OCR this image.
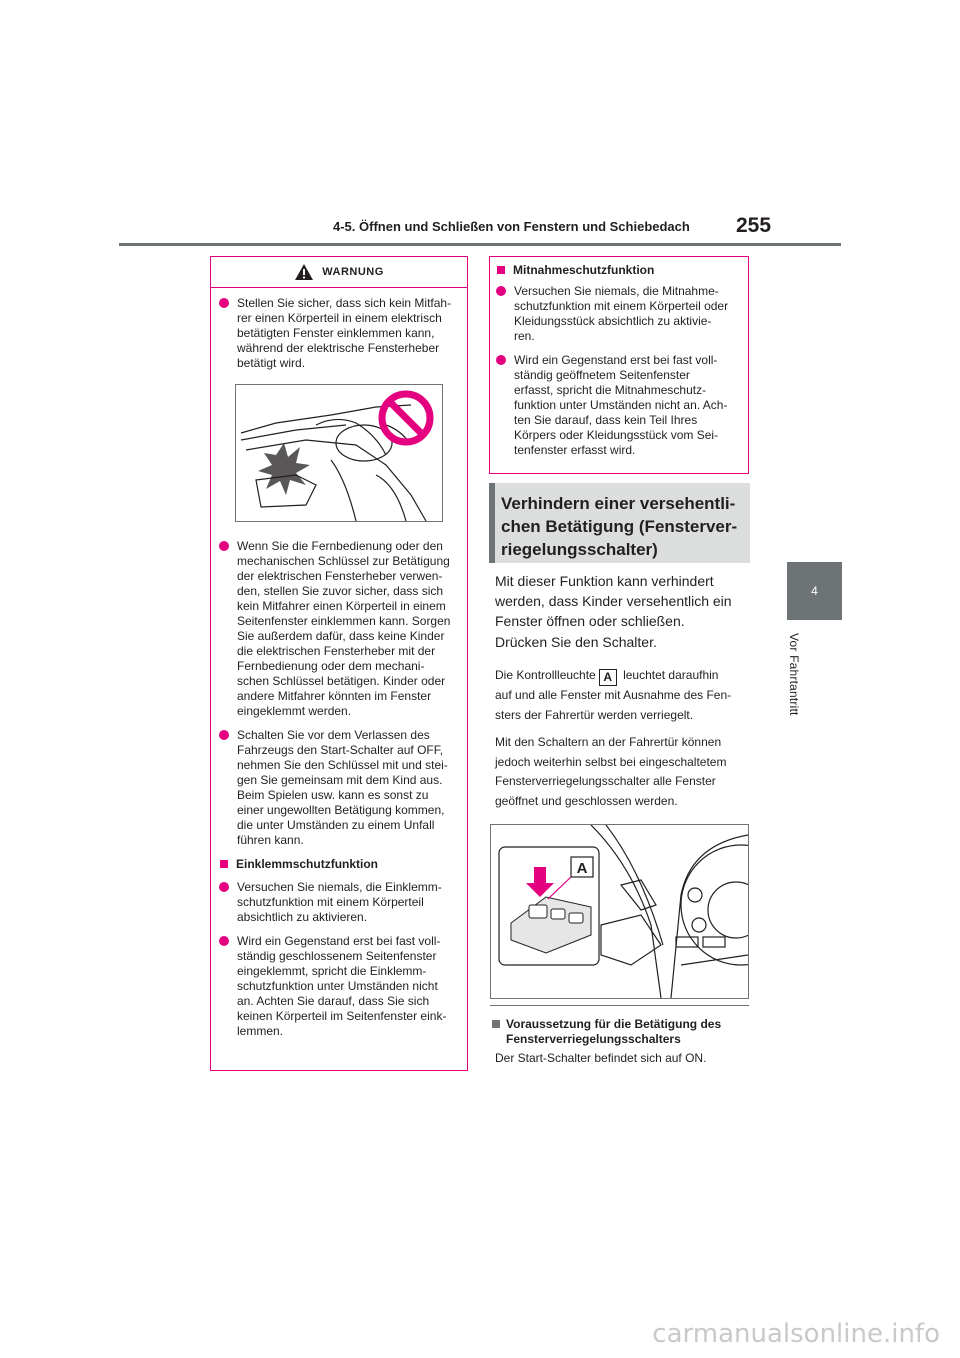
4-5. Öffnen und Schließen von Fenstern und Schiebedach 255
4
Vor Fahrtantritt
WARNUNG
Stellen Sie sicher, dass sich kein Mitfah-
rer einen Körperteil in einem elektrisch
betätigten Fenster einklemmen kann,
während der elektrische Fensterheber
betätigt wird.
Wenn Sie die Fernbedienung oder den
mechanischen Schlüssel zur Betätigung
der elektrischen Fensterheber verwen-
den, stellen Sie zuvor sicher, dass sich
kein Mitfahrer einen Körperteil in einem
Seitenfenster einklemmen kann. Sorgen
Sie außerdem dafür, dass keine Kinder
die elektrischen Fensterheber mit der
Fernbedienung oder dem mechani-
schen Schlüssel betätigen. Kinder oder
andere Mitfahrer könnten im Fenster
eingeklemmt werden.
Schalten Sie vor dem Verlassen des
Fahrzeugs den Start-Schalter auf OFF,
nehmen Sie den Schlüssel mit und stei-
gen Sie gemeinsam mit dem Kind aus.
Beim Spielen usw. kann es sonst zu
einer ungewollten Betätigung kommen,
die unter Umständen zu einem Unfall
führen kann.
Einklemmschutzfunktion
Versuchen Sie niemals, die Einklemm-
schutzfunktion mit einem Körperteil
absichtlich zu aktivieren.
Wird ein Gegenstand erst bei fast voll-
ständig geschlossenem Seitenfenster
eingeklemmt, spricht die Einklemm-
schutzfunktion unter Umständen nicht
an. Achten Sie darauf, dass Sie sich
keinen Körperteil im Seitenfenster eink-
lemmen.
Mitnahmeschutzfunktion
Versuchen Sie niemals, die Mitnahme-
schutzfunktion mit einem Körperteil oder
Kleidungsstück absichtlich zu aktivie-
ren.
Wird ein Gegenstand erst bei fast voll-
ständig geöffnetem Seitenfenster
erfasst, spricht die Mitnahmeschutz-
funktion unter Umständen nicht an. Ach-
ten Sie darauf, dass kein Teil Ihres
Körpers oder Kleidungsstück vom Sei-
tenfenster erfasst wird.
Verhindern einer versehentli-
chen Betätigung (Fensterver-
riegelungsschalter)
Mit dieser Funktion kann verhindert
werden, dass Kinder versehentlich ein
Fenster öffnen oder schließen.
Drücken Sie den Schalter.
Die Kontrollleuchte A leuchtet daraufhin
auf und alle Fenster mit Ausnahme des Fen-
sters der Fahrertür werden verriegelt.
Mit den Schaltern an der Fahrertür können
jedoch weiterhin selbst bei eingeschaltetem
Fensterverriegelungsschalter alle Fenster
geöffnet und geschlossen werden.
A
Voraussetzung für die Betätigung des
Fensterverriegelungsschalters
Der Start-Schalter befindet sich auf ON.
carmanualsonline.info
